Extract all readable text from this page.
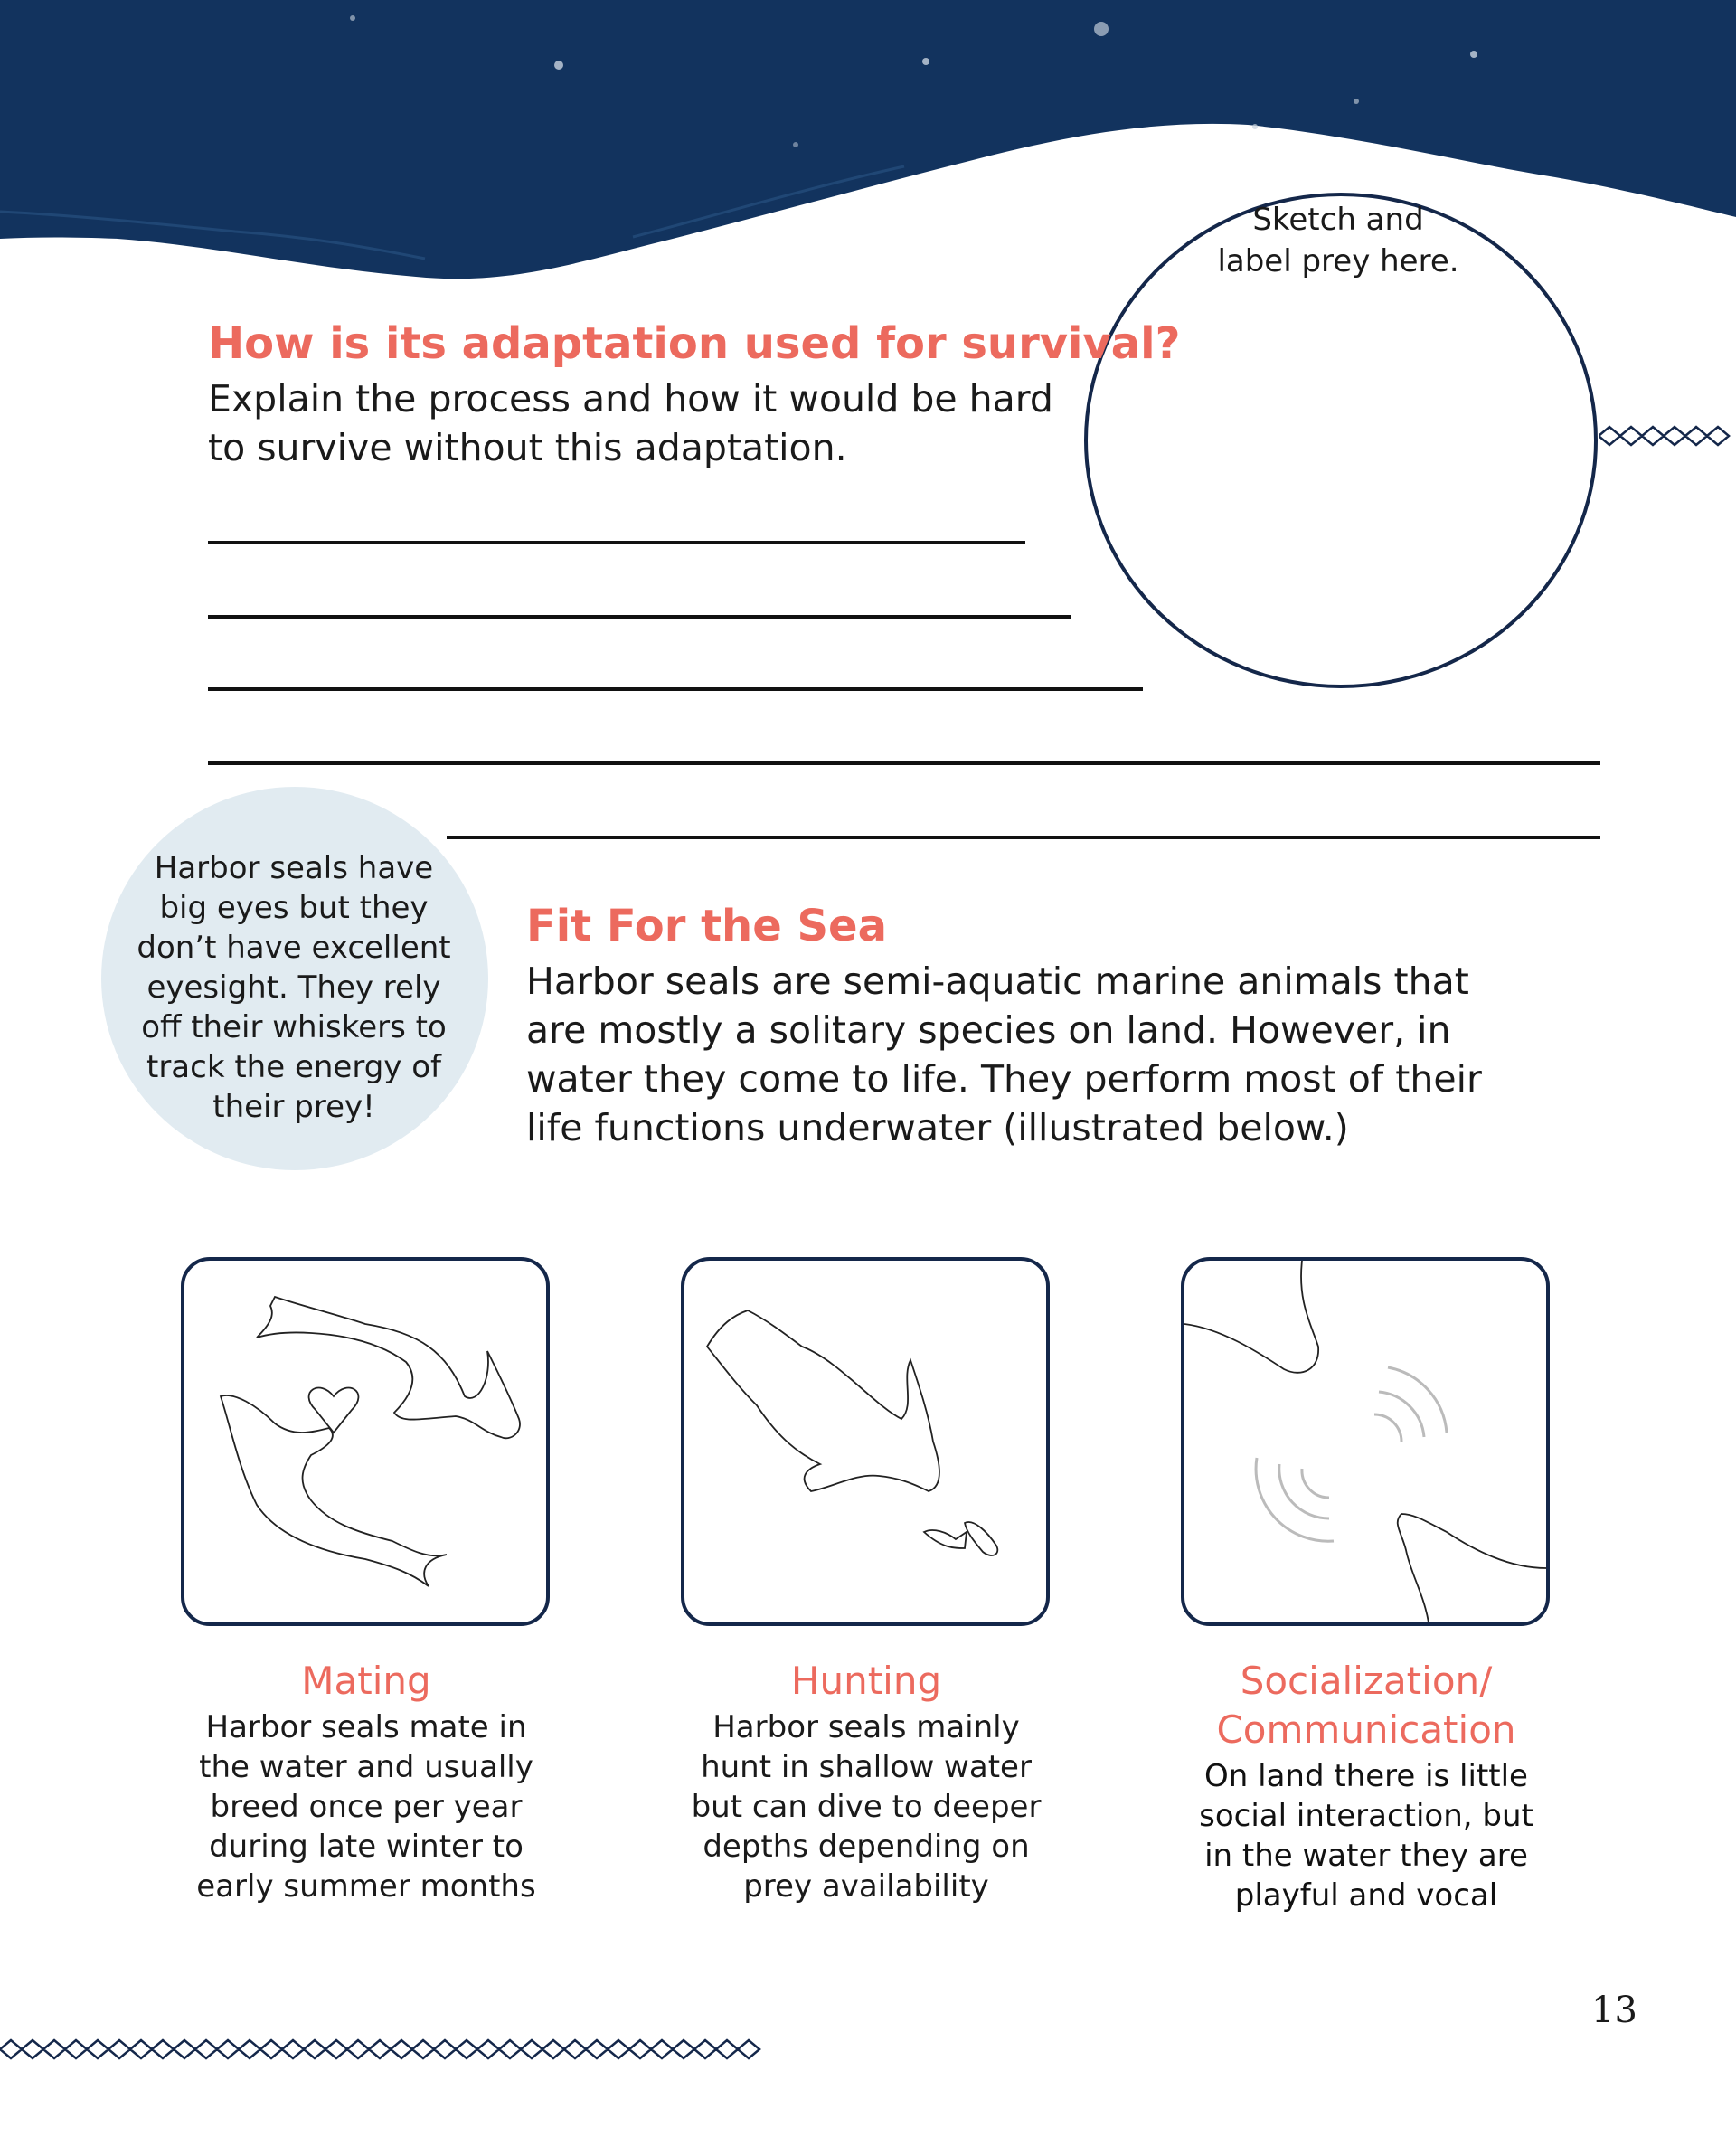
Sketch and
label prey here.
How is its adaptation used for survival?
Explain the process and how it would be hard
to survive without this adaptation.
Harbor seals have
big eyes but they
don’t have excellent
eyesight. They rely
off their whiskers to
track the energy of
their prey!
Fit For the Sea
Harbor seals are semi-aquatic marine animals that
are mostly a solitary species on land. However, in
water they come to life. They perform most of their
life functions underwater (illustrated below.)
Mating
Harbor seals mate in
the water and usually
breed once per year
during late winter to
early summer months
Hunting
Harbor seals mainly
hunt in shallow water
but can dive to deeper
depths depending on
prey availability
Socialization/
Communication
On land there is little
social interaction, but
in the water they are
playful and vocal
13
